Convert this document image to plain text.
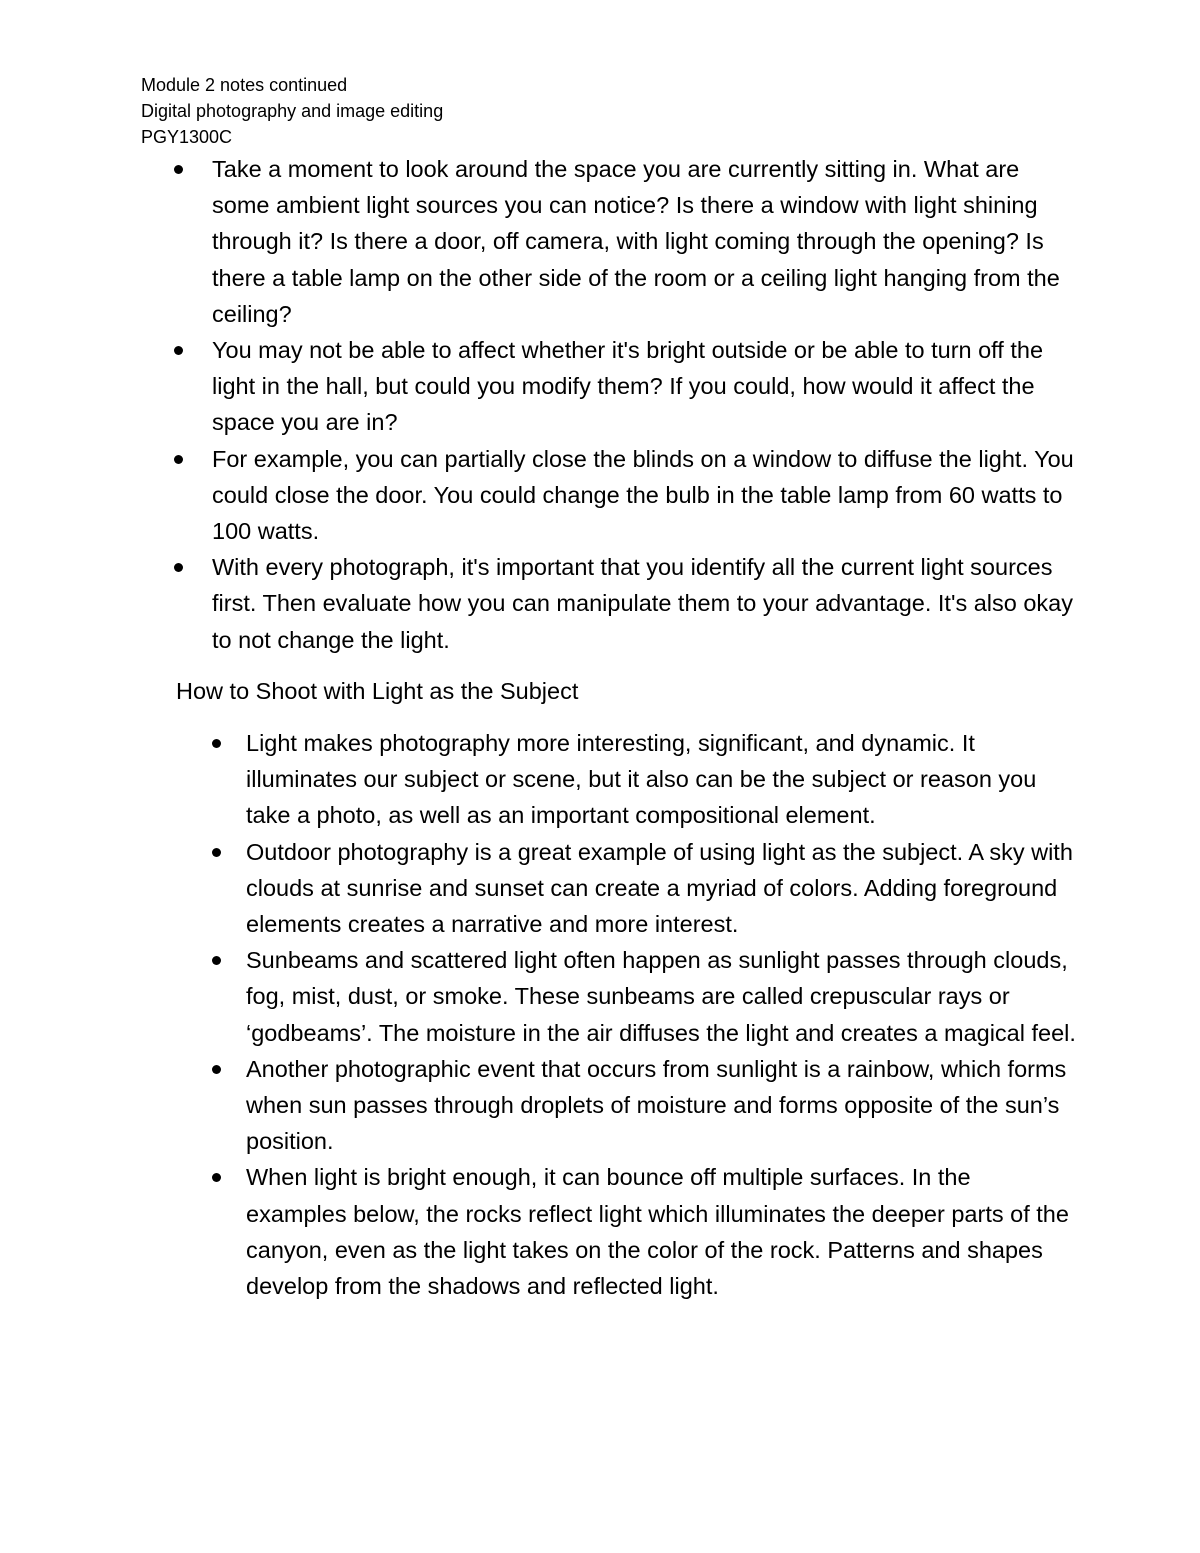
Module 2 notes continued
Digital photography and image editing
PGY1300C
Take a moment to look around the space you are currently sitting in. What are some ambient light sources you can notice? Is there a window with light shining through it? Is there a door, off camera, with light coming through the opening? Is there a table lamp on the other side of the room or a ceiling light hanging from the ceiling?
You may not be able to affect whether it's bright outside or be able to turn off the light in the hall, but could you modify them? If you could, how would it affect the space you are in?
For example, you can partially close the blinds on a window to diffuse the light. You could close the door. You could change the bulb in the table lamp from 60 watts to 100 watts.
With every photograph, it's important that you identify all the current light sources first. Then evaluate how you can manipulate them to your advantage. It's also okay to not change the light.
How to Shoot with Light as the Subject
Light makes photography more interesting, significant, and dynamic. It illuminates our subject or scene, but it also can be the subject or reason you take a photo, as well as an important compositional element.
Outdoor photography is a great example of using light as the subject. A sky with clouds at sunrise and sunset can create a myriad of colors. Adding foreground elements creates a narrative and more interest.
Sunbeams and scattered light often happen as sunlight passes through clouds, fog, mist, dust, or smoke. These sunbeams are called crepuscular rays or ‘godbeams’. The moisture in the air diffuses the light and creates a magical feel.
Another photographic event that occurs from sunlight is a rainbow, which forms when sun passes through droplets of moisture and forms opposite of the sun’s position.
When light is bright enough, it can bounce off multiple surfaces. In the examples below, the rocks reflect light which illuminates the deeper parts of the canyon, even as the light takes on the color of the rock. Patterns and shapes develop from the shadows and reflected light.
